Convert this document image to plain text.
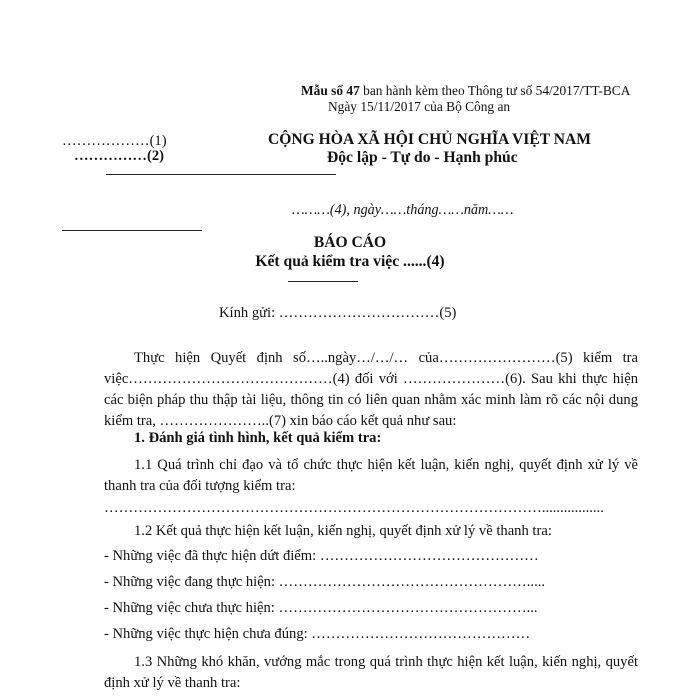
Mẫu số 47 ban hành kèm theo Thông tư số 54/2017/TT-BCA
Ngày 15/11/2017 của Bộ Công an
………………(1)
……………(2)
CỘNG HÒA XÃ HỘI CHỦ NGHĨA VIỆT NAM
Độc lập - Tự do - Hạnh phúc
………(4), ngày……tháng……năm……
BÁO CÁO
Kết quả kiểm tra việc ......(4)
Kính gửi: ……………………………(5)
Thực hiện Quyết định số…..ngày…/…/… của……………………(5) kiểm tra việc……………………………………(4) đối với …………………(6). Sau khi thực hiện các biện pháp thu thập tài liệu, thông tin có liên quan nhằm xác minh làm rõ các nội dung kiểm tra, …………………..(7) xin báo cáo kết quả như sau:
1. Đánh giá tình hình, kết quả kiểm tra:
1.1 Quá trình chỉ đạo và tổ chức thực hiện kết luận, kiến nghị, quyết định xử lý về thanh tra của đối tượng kiểm tra:
……………………………………………………………………………….................
1.2 Kết quả thực hiện kết luận, kiến nghị, quyết định xử lý về thanh tra:
- Những việc đã thực hiện dứt điểm: ………………………………………
- Những việc đang thực hiện: …………………………………………….....
- Những việc chưa thực hiện: ……………………………………………...
- Những việc thực hiện chưa đúng: ………………………………………
1.3 Những khó khăn, vướng mắc trong quá trình thực hiện kết luận, kiến nghị, quyết định xử lý về thanh tra:
